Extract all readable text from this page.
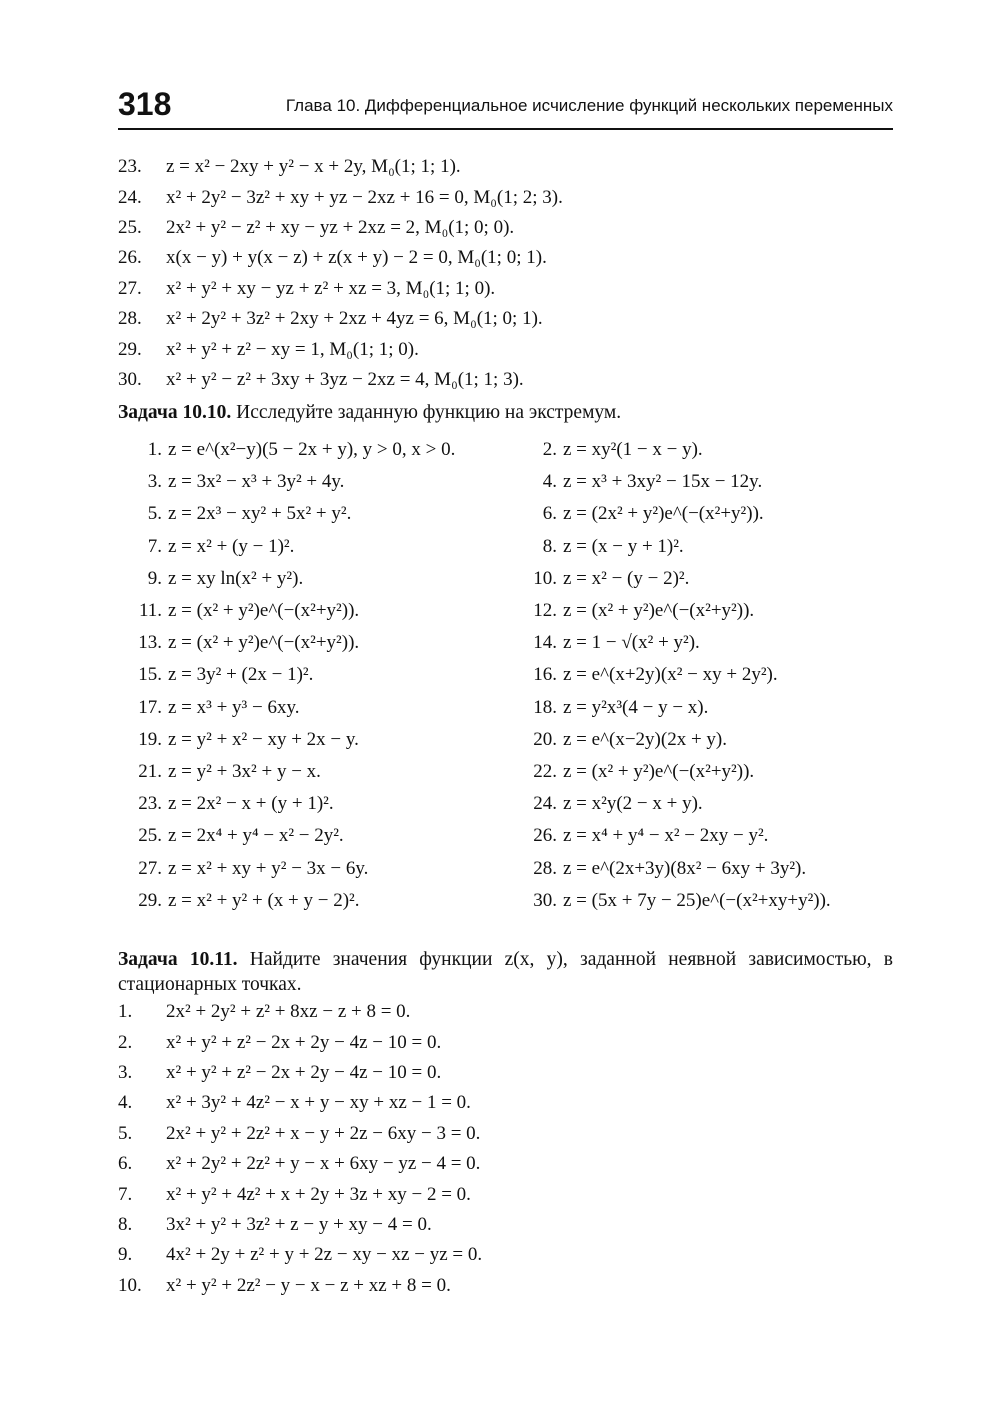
318	Глава 10. Дифференциальное исчисление функций нескольких переменных
23.	z = x² − 2xy + y² − x + 2y, M₀(1; 1; 1).
24.	x² + 2y² − 3z² + xy + yz − 2xz + 16 = 0, M₀(1; 2; 3).
25.	2x² + y² − z² + xy − yz + 2xz = 2, M₀(1; 0; 0).
26.	x(x − y) + y(x − z) + z(x + y) − 2 = 0, M₀(1; 0; 1).
27.	x² + y² + xy − yz + z² + xz = 3, M₀(1; 1; 0).
28.	x² + 2y² + 3z² + 2xy + 2xz + 4yz = 6, M₀(1; 0; 1).
29.	x² + y² + z² − xy = 1, M₀(1; 1; 0).
30.	x² + y² − z² + 3xy + 3yz − 2xz = 4, M₀(1; 1; 3).
Задача 10.10. Исследуйте заданную функцию на экстремум.
1. z = e^(x²−y)(5 − 2x + y), y > 0, x > 0.	2. z = xy²(1 − x − y).
3. z = 3x² − x³ + 3y² + 4y.	4. z = x³ + 3xy² − 15x − 12y.
5. z = 2x³ − xy² + 5x² + y².	6. z = (2x² + y²)e^(−(x²+y²)).
7. z = x² + (y − 1)².	8. z = (x − y + 1)².
9. z = xy ln(x² + y²).	10. z = x² − (y − 2)².
11. z = (x² + y²)e^(−(x²+y²)).	12. z = (x² + y²)e^(−(x²+y²)).
13. z = (x² + y²)e^(−(x²+y²)).	14. z = 1 − √(x² + y²).
15. z = 3y² + (2x − 1)².	16. z = e^(x+2y)(x² − xy + 2y²).
17. z = x³ + y³ − 6xy.	18. z = y²x³(4 − y − x).
19. z = y² + x² − xy + 2x − y.	20. z = e^(x−2y)(2x + y).
21. z = y² + 3x² + y − x.	22. z = (x² + y²)e^(−(x²+y²)).
23. z = 2x² − x + (y + 1)².	24. z = x²y(2 − x + y).
25. z = 2x⁴ + y⁴ − x² − 2y².	26. z = x⁴ + y⁴ − x² − 2xy − y².
27. z = x² + xy + y² − 3x − 6y.	28. z = e^(2x+3y)(8x² − 6xy + 3y²).
29. z = x² + y² + (x + y − 2)².	30. z = (5x + 7y − 25)e^(−(x²+xy+y²)).
Задача 10.11. Найдите значения функции z(x, y), заданной неявной зависимостью, в стационарных точках.
1.	2x² + 2y² + z² + 8xz − z + 8 = 0.
2.	x² + y² + z² − 2x + 2y − 4z − 10 = 0.
3.	x² + y² + z² − 2x + 2y − 4z − 10 = 0.
4.	x² + 3y² + 4z² − x + y − xy + xz − 1 = 0.
5.	2x² + y² + 2z² + x − y + 2z − 6xy − 3 = 0.
6.	x² + 2y² + 2z² + y − x + 6xy − yz − 4 = 0.
7.	x² + y² + 4z² + x + 2y + 3z + xy − 2 = 0.
8.	3x² + y² + 3z² + z − y + xy − 4 = 0.
9.	4x² + 2y + z² + y + 2z − xy − xz − yz = 0.
10.	x² + y² + 2z² − y − x − z + xz + 8 = 0.
